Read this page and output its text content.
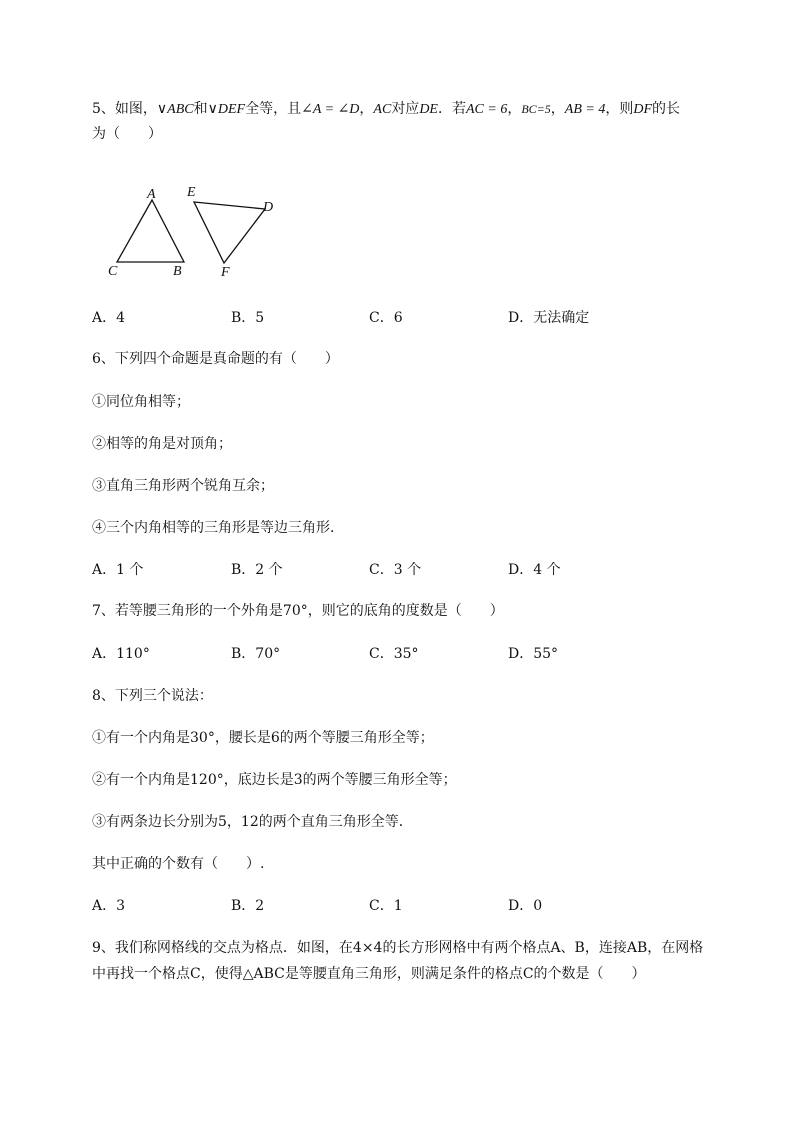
5、如图，∨ABC和∨DEF全等，且∠A = ∠D，AC对应DE．若AC = 6，BC=5，AB = 4，则DF的长
为（　　）
A
C	B
E
D
F
A．4	B．5	C．6	D．无法确定
6、下列四个命题是真命题的有（　　）
①同位角相等；
②相等的角是对顶角；
③直角三角形两个锐角互余；
④三个内角相等的三角形是等边三角形．
A．1 个	B．2 个	C．3 个	D．4 个
7、若等腰三角形的一个外角是70°，则它的底角的度数是（　　）
A．110°	B．70°	C．35°	D．55°
8、下列三个说法：
①有一个内角是30°，腰长是6的两个等腰三角形全等；
②有一个内角是120°，底边长是3的两个等腰三角形全等；
③有两条边长分别为5，12的两个直角三角形全等．
其中正确的个数有（　　）.
A．3	B．2	C．1	D．0
9、我们称网格线的交点为格点．如图，在4×4的长方形网格中有两个格点A、B，连接AB，在网格
中再找一个格点C，使得△ABC是等腰直角三角形，则满足条件的格点C的个数是（　　）
